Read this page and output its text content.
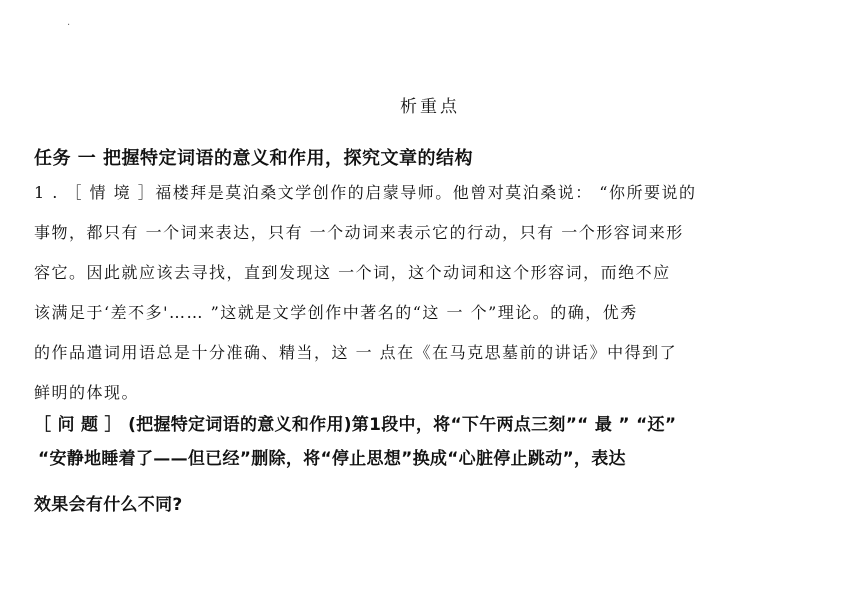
·
析重点
任务 一 把握特定词语的意义和作用，探究文章的结构
1 . ［ 情 境 ］福楼拜是莫泊桑文学创作的启蒙导师。他曾对莫泊桑说： “你所要说的
事物，都只有 一个词来表达，只有 一个动词来表示它的行动，只有 一个形容词来形
容它。因此就应该去寻找，直到发现这 一个词，这个动词和这个形容词，而绝不应
该满足于‘差不多'…… ”这就是文学创作中著名的“这 一 个”理论。的确，优秀
的作品遣词用语总是十分准确、精当，这 一 点在《在马克思墓前的讲话》中得到了
鲜明的体现。
［ 问 题 ］ (把握特定词语的意义和作用)第1段中，将“下午两点三刻”“ 最 ” “还”
“安静地睡着了——但已经”删除，将“停止思想”换成“心脏停止跳动”，表达
效果会有什么不同?
